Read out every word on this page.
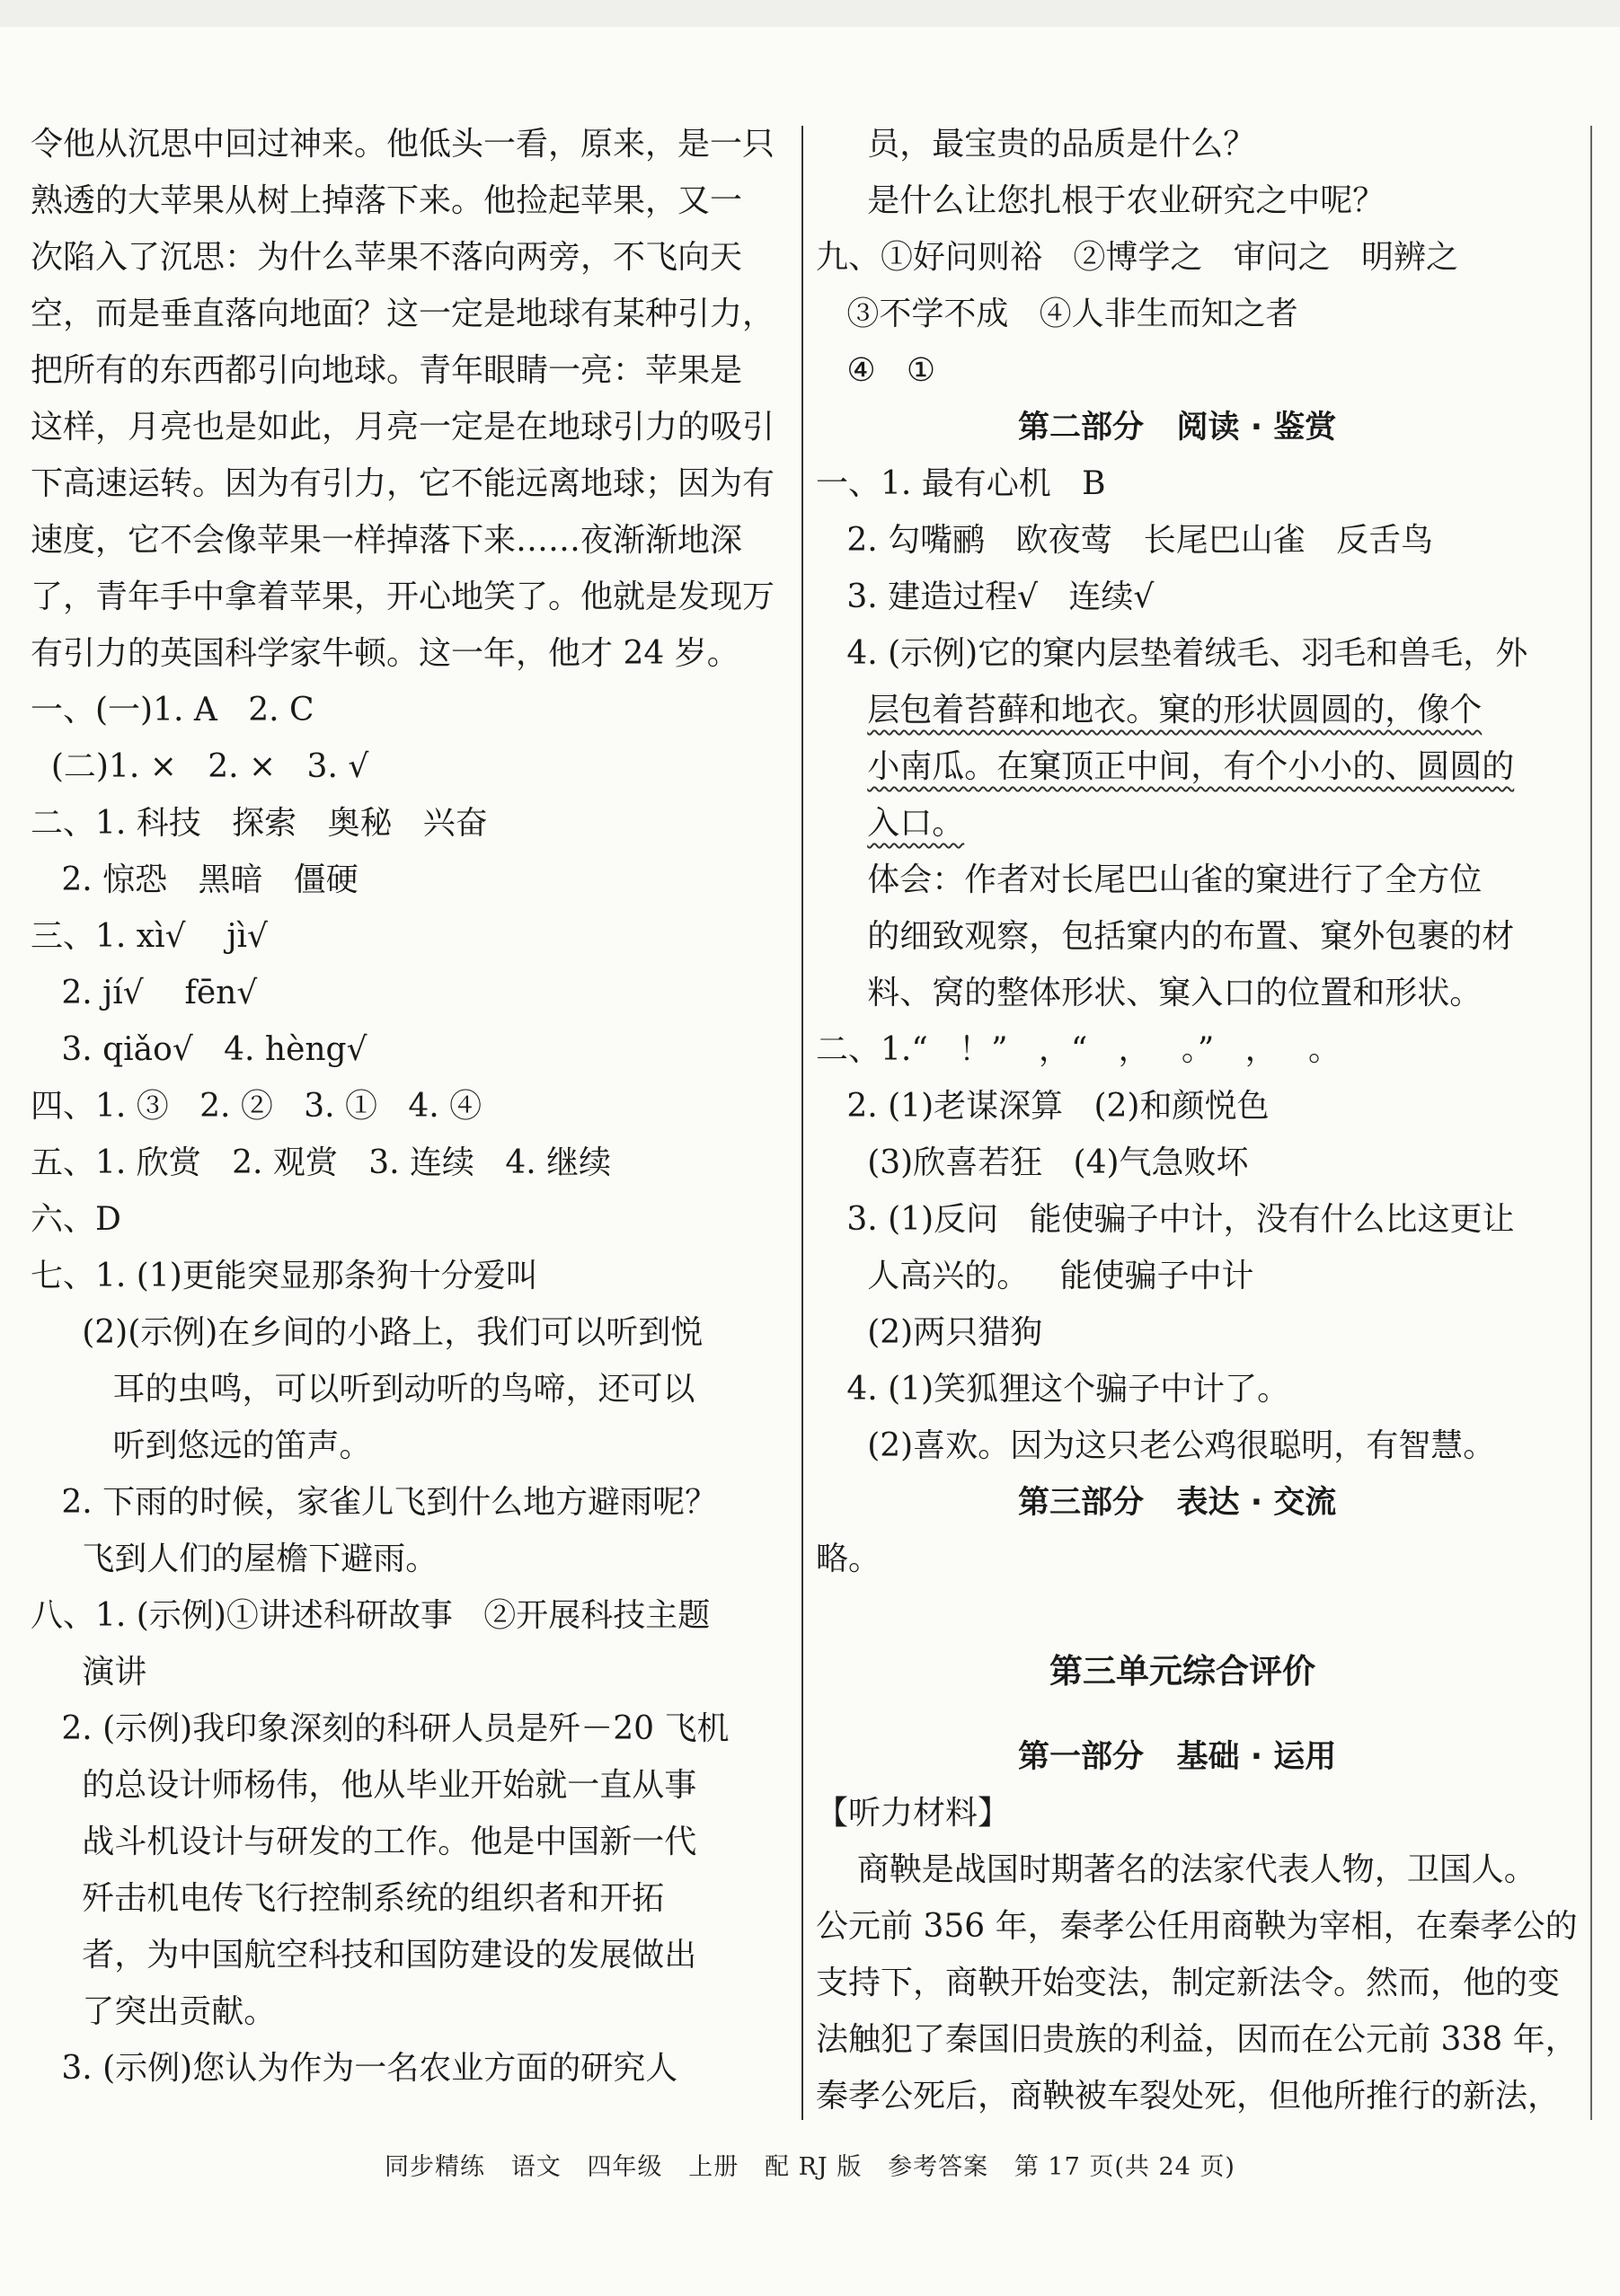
令他从沉思中回过神来。他低头一看，原来，是一只
熟透的大苹果从树上掉落下来。他捡起苹果，又一
次陷入了沉思：为什么苹果不落向两旁，不飞向天
空，而是垂直落向地面？这一定是地球有某种引力，
把所有的东西都引向地球。青年眼睛一亮：苹果是
这样，月亮也是如此，月亮一定是在地球引力的吸引
下高速运转。因为有引力，它不能远离地球；因为有
速度，它不会像苹果一样掉落下来……夜渐渐地深
了，青年手中拿着苹果，开心地笑了。他就是发现万
有引力的英国科学家牛顿。这一年，他才 24 岁。
一、(一)1. A   2. C
(二)1. ×   2. ×   3. √
二、1. 科技   探索   奥秘   兴奋
2. 惊恐   黑暗   僵硬
三、1. xì√    jì√
2. jí√    fēn√
3. qiǎo√   4. hèng√
四、1. ③   2. ②   3. ①   4. ④
五、1. 欣赏   2. 观赏   3. 连续   4. 继续
六、D
七、1. (1)更能突显那条狗十分爱叫
(2)(示例)在乡间的小路上，我们可以听到悦
耳的虫鸣，可以听到动听的鸟啼，还可以
听到悠远的笛声。
2. 下雨的时候，家雀儿飞到什么地方避雨呢？
飞到人们的屋檐下避雨。
八、1. (示例)①讲述科研故事   ②开展科技主题
演讲
2. (示例)我印象深刻的科研人员是歼－20 飞机
的总设计师杨伟，他从毕业开始就一直从事
战斗机设计与研发的工作。他是中国新一代
歼击机电传飞行控制系统的组织者和开拓
者，为中国航空科技和国防建设的发展做出
了突出贡献。
3. (示例)您认为作为一名农业方面的研究人
员，最宝贵的品质是什么？
是什么让您扎根于农业研究之中呢？
九、①好问则裕   ②博学之   审问之   明辨之
③不学不成   ④人非生而知之者
④   ①
第二部分   阅读 · 鉴赏
一、1. 最有心机   B
2. 勾嘴鹂   欧夜莺   长尾巴山雀   反舌鸟
3. 建造过程√   连续√
4. (示例)它的窠内层垫着绒毛、羽毛和兽毛，外
层包着苔藓和地衣。窠的形状圆圆的，像个
小南瓜。在窠顶正中间，有个小小的、圆圆的
入口。
体会：作者对长尾巴山雀的窠进行了全方位
的细致观察，包括窠内的布置、窠外包裹的材
料、窝的整体形状、窠入口的位置和形状。
二、1.“   ！”   ，“   ，   。”   ，   。
2. (1)老谋深算   (2)和颜悦色
(3)欣喜若狂   (4)气急败坏
3. (1)反问   能使骗子中计，没有什么比这更让
人高兴的。   能使骗子中计
(2)两只猎狗
4. (1)笑狐狸这个骗子中计了。
(2)喜欢。因为这只老公鸡很聪明，有智慧。
第三部分   表达 · 交流
略。
第三单元综合评价
第一部分   基础 · 运用
【听力材料】
商鞅是战国时期著名的法家代表人物，卫国人。
公元前 356 年，秦孝公任用商鞅为宰相，在秦孝公的
支持下，商鞅开始变法，制定新法令。然而，他的变
法触犯了秦国旧贵族的利益，因而在公元前 338 年，
秦孝公死后，商鞅被车裂处死，但他所推行的新法，
同步精练   语文   四年级   上册   配 RJ 版   参考答案   第 17 页(共 24 页)
